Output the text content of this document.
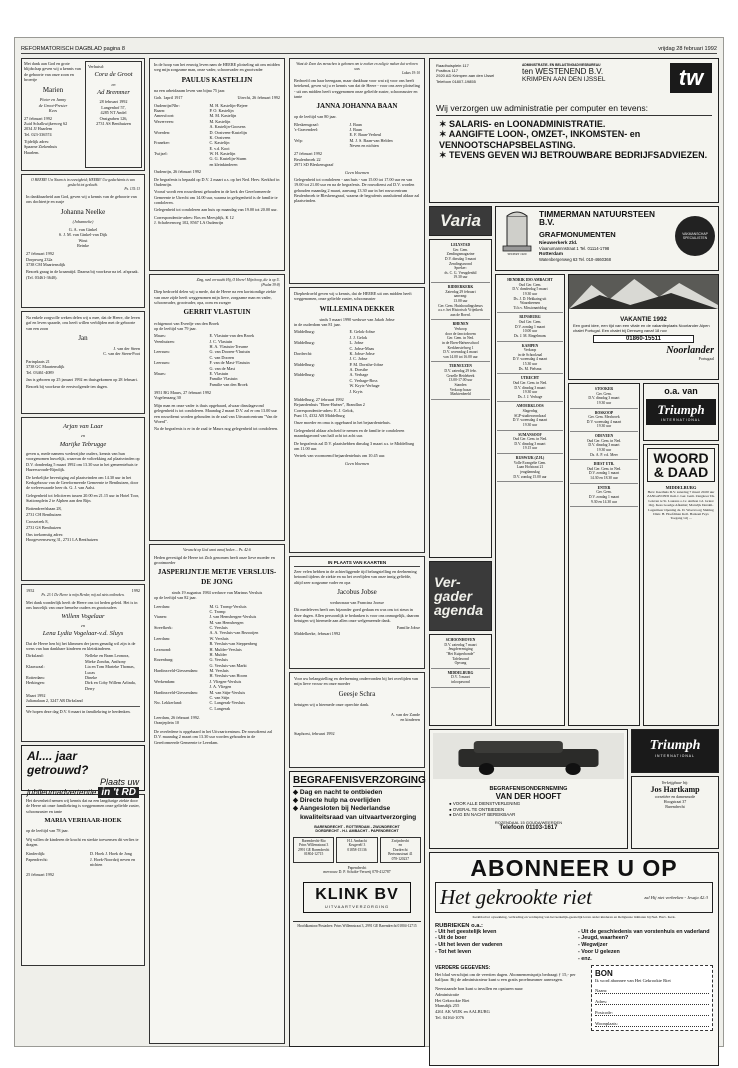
REFORMATORISCH DAGBLAD pagina 8	vrijdag 28 februari 1992
Met dank aan God en grote blijdschap geven wij u kennis van de geboorte van onze zoon en broertje
Marien
Pieter en Janny
de Groot-Prester
Kees
27 februari 1992
Zuid Schalkwijkerweg 62
2034 JJ Haarlem
Tel. 023-336574
Tijdelijk adres:
Spaarne Ziekenhuis
Haarlem.
Verhuisd:
Cora de Groot
en
Ad Bremmer
28 februari 1992
Langenhof 57,
4285 NT Andel
Onstgraben 126,
2731 AS Benthuizen
O HEERE! Uw Naam is in eeuwigheid; HEERE! Uw gedachtenis is van geslacht tot geslacht.
Ps. 135:13
In dankbaarheid aan God, geven wij u kennis van de geboorte van ons dochtertje en zusje
Johanna Neelke
(Johanneke)
G. A. van Ginkel
S. J. M. van Ginkel-van Dijk
Wout
Reinke
27 februari 1992
Dorpsweg 232a
3738 CM Maartensdijk
Bezoek graag in de kraamtijd. Daarna bij voorkeur na tel. afspraak. (Tel. 03461-3640).
Na enkele zorgvolle weken delen wij u mee, dat de Heere, die leven gaf en leven spaarde, ons heeft willen verblijden met de geboorte van een zoon
Jan
J. van der Steen
C. van der Steen-Poot
Parinplaats 21
3738 GC Maartensdijk
Tel. 03461-4089
Jan is geboren op 25 januari 1992 en thuisgekomen op 28 februari.
Bezoek bij voorkeur de eerstvolgende ten dagen.
Arjan van Laar
en
Marijke Tebrugge
geven u, mede namens wederzijdse ouders, kennis van hun voorgenomen huwelijk, waarvan de voltrekking zal plaatsvinden op D.V. donderdag 5 maart 1992 om 13.30 uur in het gemeentehuis te Hazerswoude-Rijndijk.
De kerkelijke bevestiging zal plaatsvinden om 14.30 uur in het Kerkgebouw van de Gereformeerde Gemeente te Benthuizen, door de weleerwaarde heer ds. G. J. van Aalst.
Gelegenheid tot feliciteren tussen 20.00 en 21.15 uur in Hotel Toor, Stationsplein 2 te Alphen aan den Rijn.
Bottendreefsbaan 28,
2731 CH Benthuizen
Crosseteek 8,
2731 GS Benthuizen
Ons toekomstig adres:
Hoogeveenseweg 31, 2731 LA Benthuizen
1952	1992
Ps. 23:1 De Heere is mijn Herder, mij zal niets ontbreken.
Met dank wonderlijk heeft de Heere ons tot heden geleid. Het is in ons huwelijk van onze hemelse ouders en grootouders
Willem Vogelaar
en
Lena Lydia Vogelaar-v.d. Sluys
Dat de Heere hen bij het klimmen der jaren genadig wil zijn is de wens van hun dankbare kinderen en kleinkinderen.
Dirksland:	Nelleke en Bram Leonora, Mieke Zondus, Anthony
Klaaswaal:	Lia en Tom Marieke Thomas, Lucas
Rotterdam:	Dineke
Herkingen:	Dirk en Coby Willem Arlinda, Derry
Maart 1992
Julianalaan 2, 3247 AR Dirksland
We hopen deze dag D.V. 6 maart in familiekring te herdenken.
Al.... jaar getrouwd?
Plaats uw
jubileumadvertentie in 't RD
Het dovenheid nemen wij kennis dat na een langdurige ziekte door de Heere uit onze familiekring is weggenomen onze geliefde zuster, schoonzuster en tante
MARIA VERHAAR-HOEK
op de leeftijd van 78 jaar.
Wij willen de kinderen de kracht en sterkte toewensen dit verlies te dragen.
Kinderdijk:	D. Hoek J. Hoek de Jong
Papendrecht:	J. Hoek-Noordzij neven en nichten
25 februari 1992
In de hoop van het eeuwig leven nam de HEERE plotseling uit ons midden weg mijn zorgzame man, onze vader, schoonvader en grootvader
PAULUS KASTELIJN
na een arbeidzaam leven van bijna 75 jaar.
Goh. 1april 1917	Utrecht, 26 februari 1992
Oudenrijn/Nbr:	M. H. Kastelijn-Bejeer
Baarn:	P. O. Kastelijn
Amersfoort:	M. M. Kastelijn
Waverveen:	M. Kastelijn
A. Kastelijn-Goosens
Woerden:	D. Oostveen-Kastelijn
K. Oostveen
Franeker:	C. Kastelijn
E. v.d. Kooi
Twijzel:	W. H. Kastelijn
G. G. Kastelijn-Sturm
en kleinkinderen
Oudenrijn, 26 februari 1992
De begrafenis is bepaald op D.V. 2 maart a.s. op het Ned. Herv. Kerkhof in Oudenrijn.
Vooraf wordt een rouwdienst gehouden in de kerk der Gereformeerde Gemeente te Utrecht om 14.00 uur, waarna in gelegenheid is de familie te condoleren.
Gelegenheid tot condoleren aan huis op maandag van 19.00 tot 20.00 uur.
Correspondentie-adres: Bos en Meesjdijk, K 12
J. Schabvenweg 102, 8567 LA Oudenrijn
Zing, nuvl verwacht Hij, O Heere! Mijn hoop, die is op U.
(Psalm 39:8)
Diep bedroefd delen wij u mede, dat de Heere na een kortstondige ziekte van onze zijde heeft weggenomen mijn lieve, zorgzame man en vader, schoonvader, grootvader, opa, oom en zwager
GERRIT VLASTUIN
echtgenoot van Everdje van den Broek
op de leeftijd van 79 jaar.
Maurs:	E. Vlastuin-van den Broek
Veenhuizen:	J. C. Vlastuin
H. A. Vlastuin-Treurne
Leersum:	G. van Dooren-Vlastuin
C. van Dooren
Leersum:	F. van de Mast-Vlastuin
G. van de Mast
Maurs:	E. Vlastuin
Familie Vlastuin
Familie van den Broek
3951 BG Maurs, 27 februari 1992
Vogelenzang 30
Mijn man en onze vader is thuis opgebaard, alwaar dinsdagavond gelegenheid is tot condoleren. Maandag 2 maart D.V. zal er om 13.00 uur een rouwdienst worden gehouden in de zaal van Uitvaartcentrum "Van de Woerd".
Na de begrafenis is er in de zaal te Maurs nog gelegenheid tot condoleren.
Verwacht op God want vanaf heden ... Ps. 42:6
Heden gevestigd de Heere tot Zich genomen heeft onze lieve moeder en grootmoeder
JASPERIJNTJE METJE VERSLUIS-DE JONG
sinds 19 augustus 1984 weduwe van Marinus Versluis
op de leeftijd van 82 jaar.
Leerdam:	M. G. Tromp-Versluis
C. Tromp
Vianen:	J. van Hemsbergen-Versluis
M. van Hemsbergen
Streefkerk:	C. Versluis
A. A. Versluis-van Bezooijen
Leerdam:	W. Versluis
B. Versluis-van Steppenberg
Lexmond:	H. Mulder-Versluis
H. Mulder
Rozenburg:	G. Versluis
G. Versluis-van Markt
Hardinxveld-Giessendam:	M. Versluis
H. Versluis-van Hoorn
Werkendam:	J. Vliegen-Versluis
J. A. Vliegen
Hardinxveld-Giessendam:	M. van Stijn-Versluis
C. van Stijn
Nw. Lekkerland:	C. Langerak-Versluis
C. Langerak
Leerdam, 26 februari 1992.
Oranjeplein 10
De overledene is opgebaard in het Uitvaartcentrum. De rouwdienst zal D.V. maandag 2 maart om 13.30 uur worden gehouden in de Gereformeerde Gemeente te Leerdam.
Want de Zoon des menschen is gekomen om te zoeken en zalig te maken dat verloren was
Lukas 19:10
Bedroefd om haar heengaan, maar dankbaar voor wat zij voor ons heeft betekend, geven wij u er kennis van dat de Heere - voor ons zeer plotseling - uit ons midden heeft weggenomen onze geliefde zuster, schoonzuster en tante
JANNA JOHANNA BAAN
op de leeftijd van 80 jaar.
Bleskensgraaf:	J. Baan
's-Gravendeel:	J. Baan
E. F. Baan-Verheul
Velp:	M. J. S. Baan-van Helden
Neven en nichten
27 februari 1992
Beulenbroek 22
2971 SD Bleskensgraaf
Geen bloemen
Gelegenheid tot condoleren - aan huis - van 15.00 tot 17.00 uur en van 19.00 tot 21.00 uur en na de begrafenis. De rouwdienst zal D.V. worden gehouden maandag 2 maart, aanvang 13.30 uur in het rouwcentrum Beulenbroek te Bleskensgraaf, waarna de begrafenis aansluitend aldaar zal plaatsvinden.
Diepbedroefd geven wij u kennis, dat de HEERE uit ons midden heeft weggenomen, onze geliefde zuster, schoonzuster
WILLEMINA DEKKER
sinds 5 maart 1990 weduwe van Jakob Jobse
in de ouderdom van 81 jaar.
Middelburg:	E. Gelok-Jobse
J. J. Gelok
Middelburg:	L. Jobse
C. Jobse-Maas
Dordrecht:	K. Jobse-Jobse
J. C. Jobse
Middelburg:	P. M. Dorsthe-Jobse
A. Dorsthe
Middelburg:	A. Verhage
C. Verhage-Boss
W. Kryts-Verhage
J. Kryts
Middelburg, 27 februari 1992
Bejaardenhuis "Eben-Haëzer", Brandlan 2
Correspondentie-adres: E. J. Gelok,
Punt 15, 4332 AB Middelburg
Onze moeder en oma is opgebaard in het bejaardentehuis.
Gelegenheid aldaar afscheid te nemen en de familie te condoleren maandagavond van half acht tot acht uur.
De begrafenis zal D.V. plaatshebben dinsdag 3 maart a.s. te Middelburg om 11.00 uur.
Vertrek van voornoemd bejaardentehuis om 10.45 uur.
Geen bloemen
IN PLAATS VAN KAARTEN
Zeer velen hebben in de achterliggende tijd belangstelling en deelneming betoond tijdens de ziekte en na het overlijden van onze innig geliefde, altijd zeer zorgzame vader en opa
Jacobus Jobse
weduwnaar van Francina Joosse
Dit medeleven heeft ons bijzonder goed gedaan en was ons tot steun in deze dagen. Allen persoonlijk te bedanken is voor ons onmogelijk, daarom betuigen wij hiermede aan allen onze welgemeende dank.
Familie Jobse
Middelkerke, februari 1992
Voor uw belangstelling en deelneming ondervonden bij het overlijden van mijn lieve vrouw en onze moeder
Geesje Schra
betuigen wij u hiermede onze oprechte dank.
A. van der Zande
en kinderen
Staphorst, februari 1992
BEGRAFENISVERZORGING
◆ Dag en nacht te ontbieden
◆ Directe hulp na overlijden
◆ Aangesloten bij Nederlandse
kwaliteitsraad van uitvaartverzorging
BARENDRECHT - ROTTERDAM - ZWIJNDRECHT
DORDRECHT - H.I. AMBACHT - PAPENDRECHT
Barendrecht-Rio
Prins Willemstraat 3
2991 GE Barendrecht
01804-12715
H.I. Ambacht
Krugerelf 3
01858-15136
Zwijndrecht
en
Dordrecht
Bertsraustraat 41
078-120237
Papendrecht
mevrouw D. P. Scholte-Verweij 078-412787
KLINK BV
UITVAARTVERZORGING
Hoofdkantoor/Postadres: Prins Willemstraat 3, 2991 GE Barendrecht 01804-12715
Raadhuisplein 117
Postbus 117
2920 AD Krimpen aan den IJssel
Telefoon 01807-19855
ADMINISTRATIE- EN BELASTINGADVIESBUREAU
ten WESTENEND B.V.
KRIMPEN AAN DEN IJSSEL	tw
Wij verzorgen uw administratie per computer en tevens:
✶ SALARIS- en LOONADMINISTRATIE.
✶ AANGIFTE LOON-, OMZET-, INKOMSTEN- en VENNOOTSCHAPSBELASTING.
✶ TEVENS GEVEN WIJ BETROUWBARE BEDRIJFSADVIEZEN.
Varia
LELYSTAD
Ger. Gem.
Zendingsmagazine
D.V. dinsdag 3 maart
Zendingsavond
Spreker:
ds. C. G. Vreugdenhil
19.30 uur
RIDDERKERK
Zaterdag 29 februari
aanvang:
13.00 uur
Ger. Gem. Huishoudingsbeurs
a.s.v. het Historisch Vrijetkerk
aan de Boerd.
RHENEN
Verkoop
door de fancicdroem
Ger. Gem. in Ned.
in de Eben-Haëzerschool
Kerkherstelweg 1
D.V. woensdag 4 maart
van 14.00 tot 16.00 uur
TERNEUZEN
D.V. zaterdag 29 febr.
Gezelle Heidebeek
13.00-17.00 uur
Standen
Verkoop bazar
Marktenbeeld
Ver-
gader
agenda
SCHOONHOVEN
D.V. zaterdag 7 maart
Jeugdvereniging
"Het Kuiperhonde"
Tafelavond
Opvang
MIDDELBURG
D.V. 5 maart
inloopavond
SEDERT 1920
TIMMERMAN NATUURSTEEN B.V.
GRAFMONUMENTEN
Nieuwerkerk Zld.
Viaanumannnstraat 1 Tel. 01114-1798
Rotterdam
Watenbergenweg 63 Tel. 010-4660368
VAKMANSCHAP SPECIALISTEN
HENDRIK IDO AMBACHT
Oud Ger. Gem.
D.V. donderdag 5 maart
19.30 uur
Ds. J. D. Hekkaing uit
Waarnbeenen
Ti.b.v. Missionariddag
RIJNSBURG
Oud Ger. Gem.
D.V. zondag 1 maart
10.00 uur
Ds. J. M. Ringelmans
KAMPEN
Verkoop
in de Schoolzaal
D.V. woensdag 4 maart
15.30 uur
Ds. M. Pielsma
UTRECHT
Oud Ger. Gem. in Ned.
D.V. dinsdag 3 maart
19.30 uur
Ds. J. J. Verhage
AMOERKLOOS
Slagerdag
SGP-studieavondzaal
D.V. woensdag 4 maart
19.30 uur
SUMANSOOF
Oud Ger. Gem. in Ned.
D.V. dinsdag 3 maart
19.15 uur
RIJSWIJK (Z.H.)
Volle Evangelie Gem.
Laan Hofstraat 21
jeugdamsdag
D.V. zondag 15.00 uur
VAKANTIE 1992
Een goed idee, een tijd van een vitale en de vakantieplaats Noorlander Alpen chalet Portugal. Een chalet bij Dersweg vanaf 18 nov
01860-15511
Noorlander
Portugaal
STOOKER
Ger. Gem.
D.V. dinsdag 3 maart
19.30 uur
BOSKOOP
Ger. Gem. Mexbroek
D.V. woensdag 4 maart
19.30 uur
ODEVEEN
Oud Ger. Gem. in Ned.
D.V. dinsdag 3 maart
19.30 uur
Ds. A. P. v.d. Meer
DIEST UTR.
Oud Ger. Gem. in Ned.
D.V. zondag 1 maart
14.30 en 18.30 uur
ENTER
Ger. Gem.
D.V. zondag 1 maart
9.30 en 14.30 uur
o.a. van
Triumph
INTERNATIONAL
WOORD
& DAAD
MIDDELBURG
Herv. Keerhuis D.V. zaterdag 7 maart 20.00 uur ZANGAVOND m.m.v. Ger. Gem. Zangkoor Ds. Lokven te St. Laurens o.l.v. Anthon v.d. Griest Org. Kees Goedge Afkamst; Marwijk Dersim-Lagermeer Opening ds. D. Woervoorg Sluiting Distr. H. Hoofdman Koll. Barkoni Feys Toegang vrij ...
BEGRAFENISONDERNEMING
VAN DER HOOFT
● VOOR ALLE DIENSTVERLENING
● OVERAL TE ONTBIEDEN
● DAG EN NACHT BEREIKBAAR
ROZENDAAL 15 GOUDA/WEERDEN
Telefoon 01103-1617
Triumph
INTERNATIONAL
Verkrijgbaar bij:
Jos Hartkamp
corsetière en damesmode
Hoogstraat 37
Barendrecht
ABONNEER U OP
Het gekrookte riet	zal Hij niet verbreken - Jesaja 42:3
Kerkblad tot opwekking, verbreding en verdieping van het kerkelijk-geestelijk leven onder kinderen en Religieuze lidmaten bij Ned. Herv. Kerk.
RUBRIEKEN o.a.:
- Uit het geestelijk leven
- Uit de boer
- Uit het leven der vaderen
- Tot het leven
- Uit de geschiedenis van vorstenhuis en vaderland
- Jeugd, waarheen?
- Wegwijzer
- Voor U gelezen
- enz.
VERDERE GEGEVENS:
Het blad verschijnt om de veertien dagen. Abonnementsprijs bedraagt ƒ 15,- per halfjaar. Bij de administrateur kunt u een gratis proefnummer aanvragen.
Neerstaande bon kunt u invullen en opsturen naar:
Administratie
Het Gekrookte Riet
Mansdijk 255
4261 AK WIJK en AALBURG
Tel. 04164-1076
BON
Ik word abonnee van Het Gekrookte Riet
Naam:
Adres:
Postcode:
Woonplaats:
